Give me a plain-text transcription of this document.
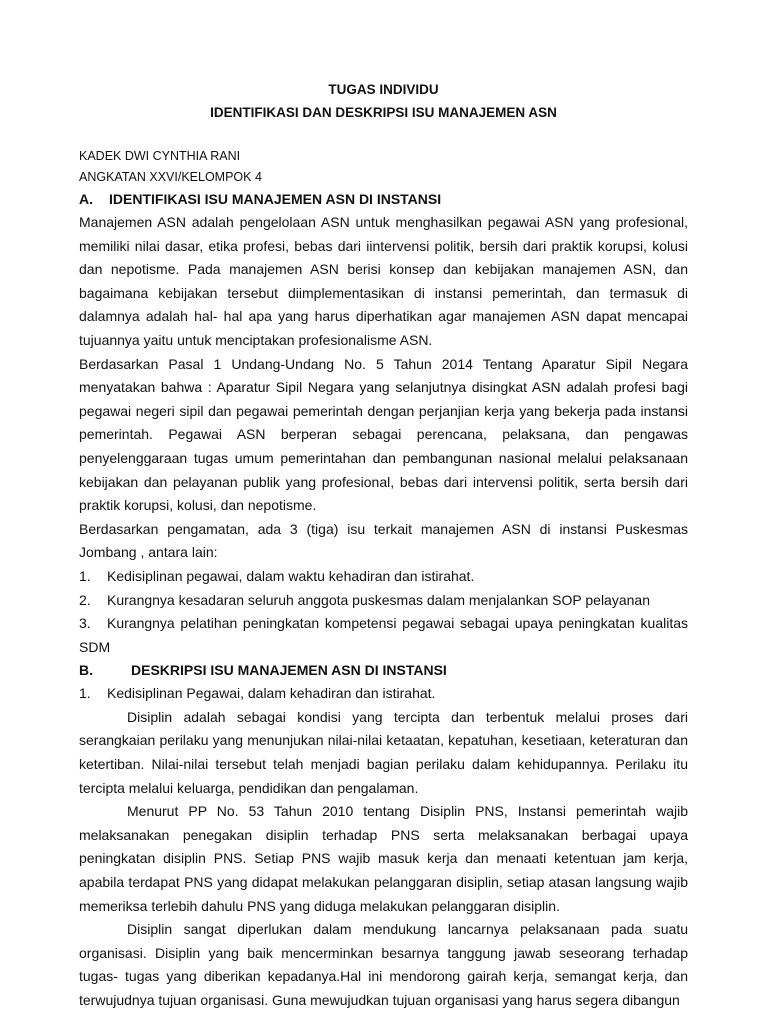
TUGAS INDIVIDU

IDENTIFIKASI DAN DESKRIPSI ISU MANAJEMEN ASN

KADEK DWI CYNTHIA RANI

ANGKATAN XXVI/KELOMPOK 4

A.	IDENTIFIKASI ISU MANAJEMEN ASN DI INSTANSI

Manajemen ASN adalah pengelolaan ASN untuk menghasilkan pegawai ASN yang profesional, memiliki nilai dasar, etika profesi, bebas dari iintervensi politik, bersih dari praktik korupsi, kolusi dan nepotisme. Pada manajemen ASN berisi konsep dan kebijakan manajemen ASN, dan bagaimana kebijakan tersebut diimplementasikan di instansi pemerintah, dan termasuk di dalamnya adalah hal- hal apa yang harus diperhatikan agar manajemen ASN dapat mencapai tujuannya yaitu untuk menciptakan profesionalisme ASN.

Berdasarkan Pasal 1 Undang-Undang No. 5 Tahun 2014 Tentang Aparatur Sipil Negara menyatakan bahwa : Aparatur Sipil Negara yang selanjutnya disingkat ASN adalah profesi bagi pegawai negeri sipil dan pegawai pemerintah dengan perjanjian kerja yang bekerja pada instansi pemerintah. Pegawai ASN berperan sebagai perencana, pelaksana, dan pengawas penyelenggaraan tugas umum pemerintahan dan pembangunan nasional melalui pelaksanaan kebijakan dan pelayanan publik yang profesional, bebas dari intervensi politik, serta bersih dari praktik korupsi, kolusi, dan nepotisme.

Berdasarkan pengamatan, ada 3 (tiga) isu terkait manajemen ASN di instansi Puskesmas Jombang , antara lain:

1. Kedisiplinan pegawai, dalam waktu kehadiran dan istirahat.
2. Kurangnya kesadaran seluruh anggota puskesmas dalam menjalankan SOP pelayanan
3. Kurangnya pelatihan peningkatan kompetensi pegawai sebagai upaya peningkatan kualitas SDM
B.	DESKRIPSI ISU MANAJEMEN ASN DI INSTANSI
1. Kedisiplinan Pegawai, dalam kehadiran dan istirahat.

Disiplin adalah sebagai kondisi yang tercipta dan terbentuk melalui proses dari serangkaian perilaku yang menunjukan nilai-nilai ketaatan, kepatuhan, kesetiaan, keteraturan dan ketertiban. Nilai-nilai tersebut telah menjadi bagian perilaku dalam kehidupannya. Perilaku itu tercipta melalui keluarga, pendidikan dan pengalaman.

Menurut PP No. 53 Tahun 2010 tentang Disiplin PNS, Instansi pemerintah wajib melaksanakan penegakan disiplin terhadap PNS serta melaksanakan berbagai upaya peningkatan disiplin PNS. Setiap PNS wajib masuk kerja dan menaati ketentuan jam kerja, apabila terdapat PNS yang didapat melakukan pelanggaran disiplin, setiap atasan langsung wajib memeriksa terlebih dahulu PNS yang diduga melakukan pelanggaran disiplin.

Disiplin sangat diperlukan dalam mendukung lancarnya pelaksanaan pada suatu organisasi. Disiplin yang baik mencerminkan besarnya tanggung jawab seseorang terhadap tugas- tugas yang diberikan kepadanya.Hal ini mendorong gairah kerja, semangat kerja, dan terwujudnya tujuan organisasi. Guna mewujudkan tujuan organisasi yang harus segera dibangun
